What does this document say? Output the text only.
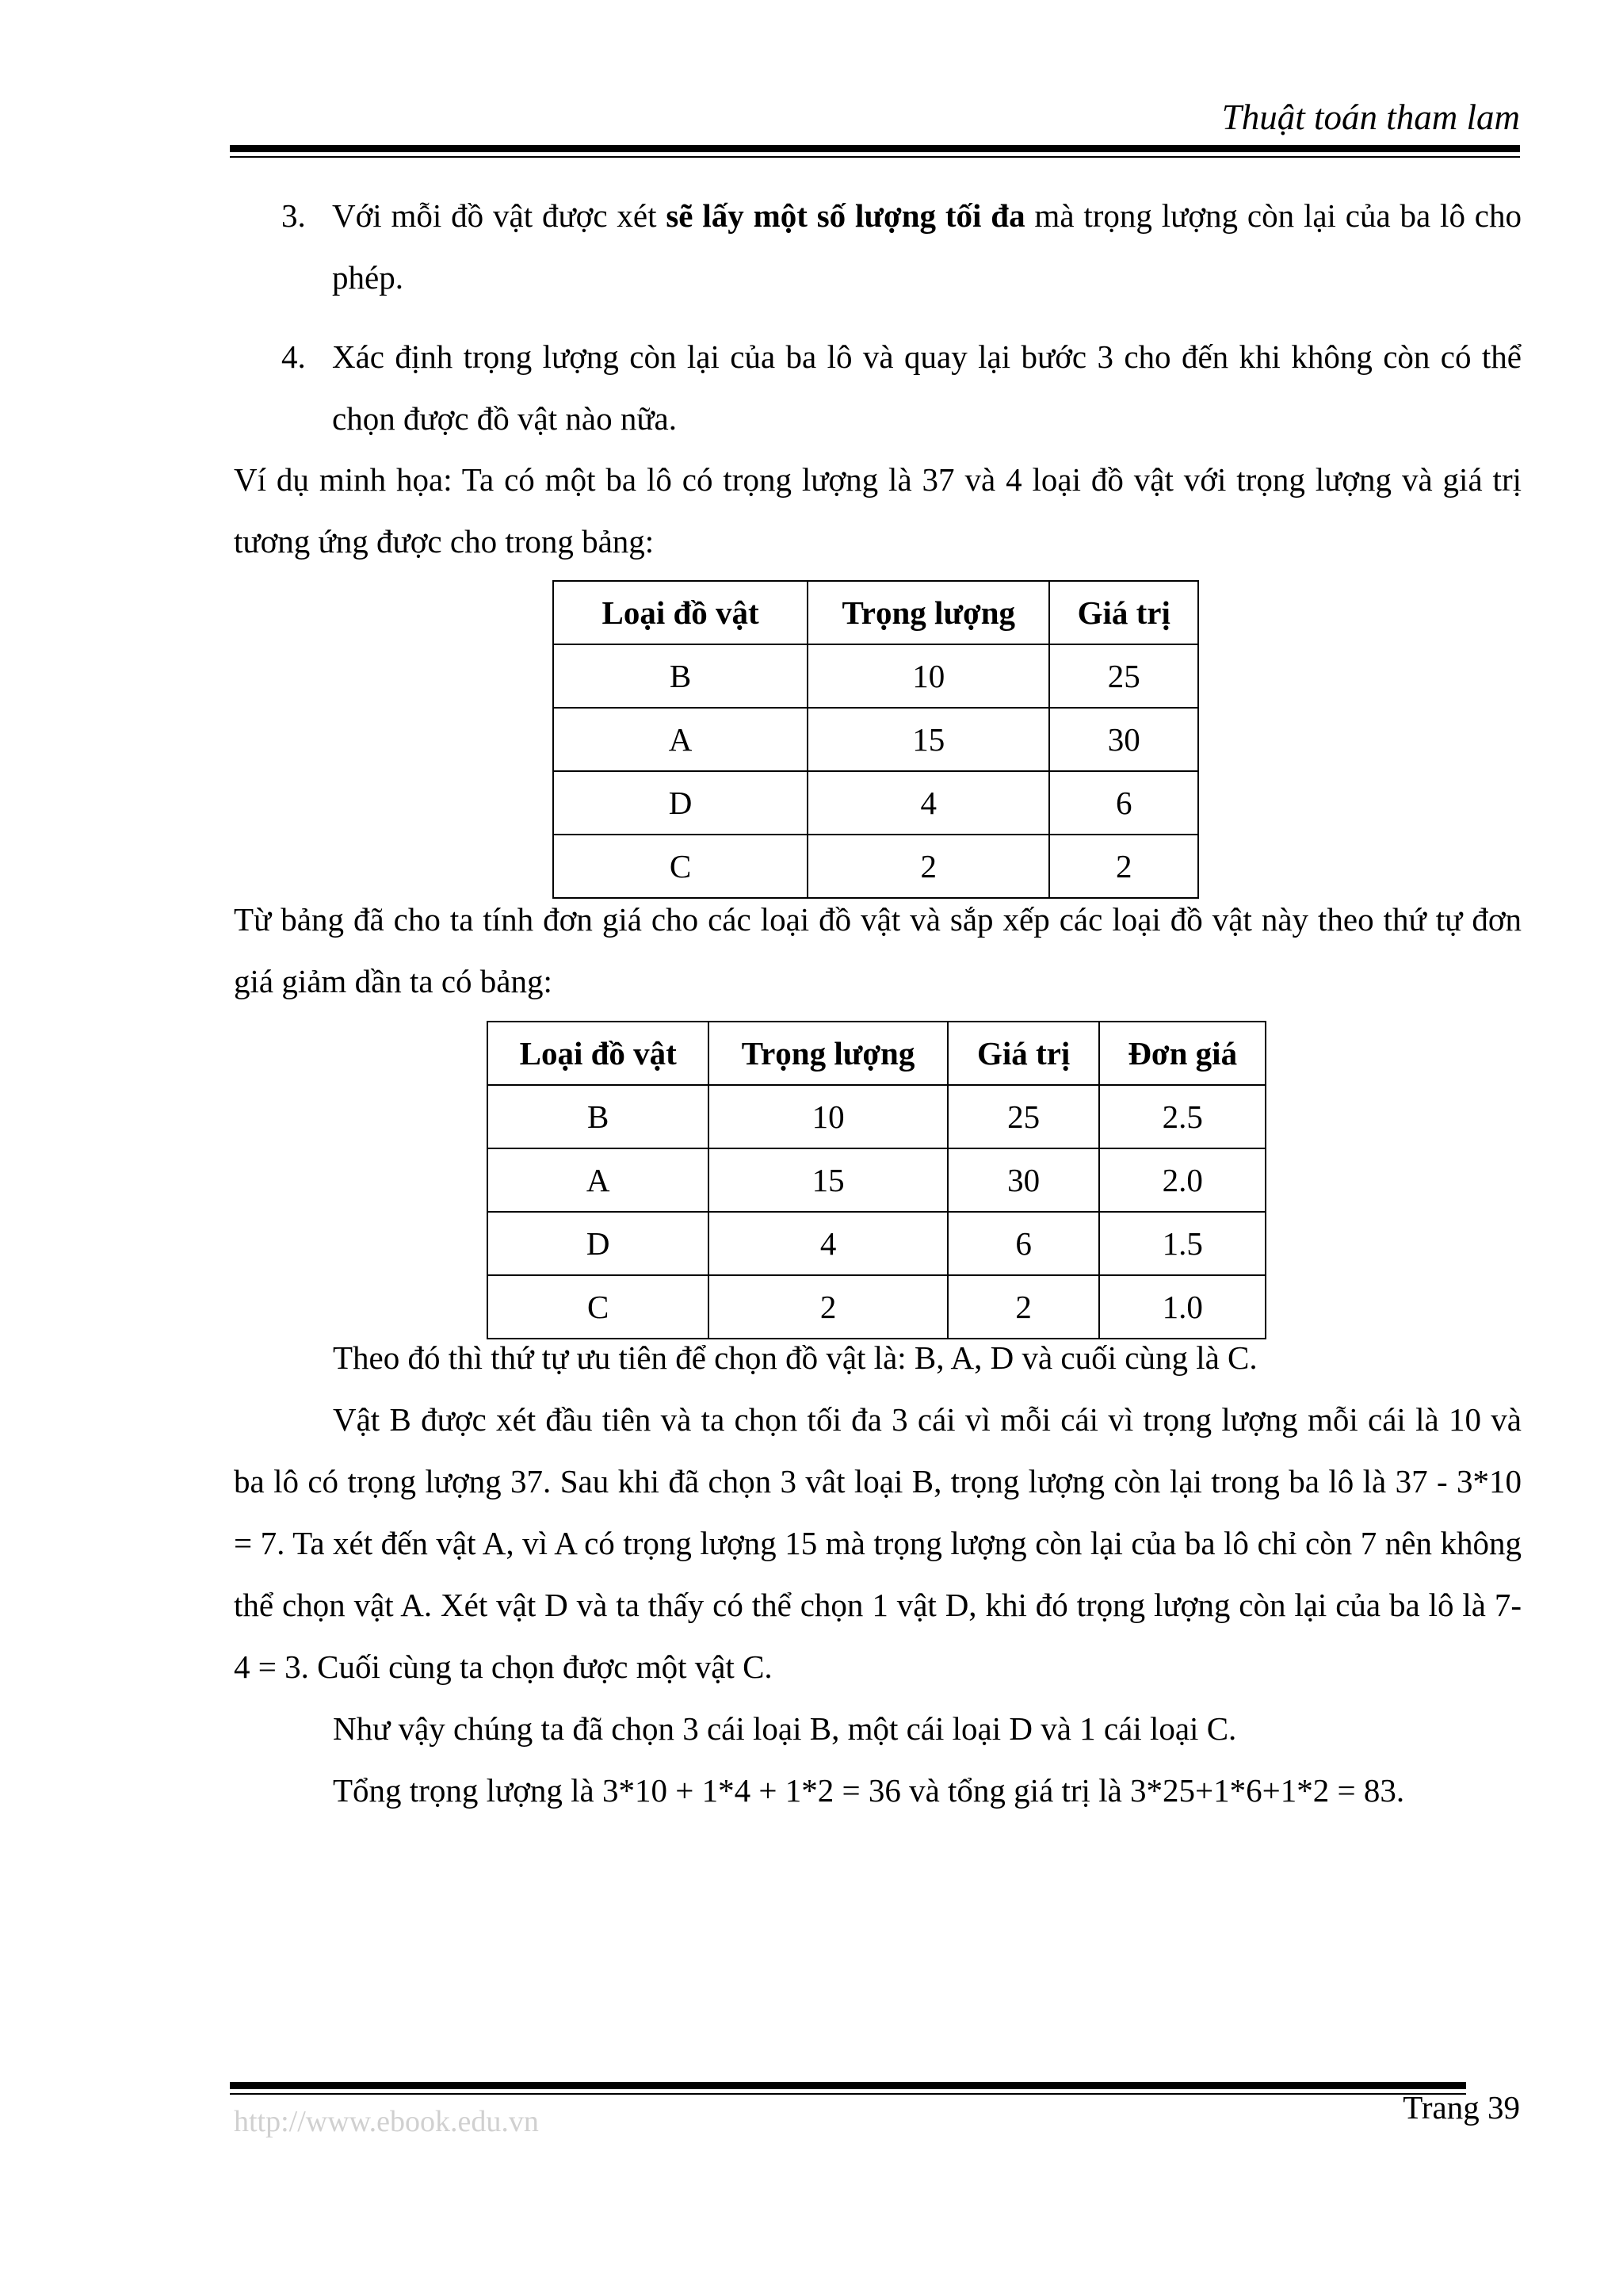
Thuật toán tham lam
3. Với mỗi đồ vật được xét sẽ lấy một số lượng tối đa mà trọng lượng còn lại của ba lô cho phép.
4. Xác định trọng lượng còn lại của ba lô và quay lại bước 3 cho đến khi không còn có thể chọn được đồ vật nào nữa.
Ví dụ minh họa: Ta có một ba lô có trọng lượng là 37 và 4 loại đồ vật với trọng lượng và giá trị tương ứng được cho trong bảng:
Loại đồ vật	Trọng lượng	Giá trị
B	10	25
A	15	30
D	4	6
C	2	2
Từ bảng đã cho ta tính đơn giá cho các loại đồ vật và sắp xếp các loại đồ vật này theo thứ tự đơn giá giảm dần ta có bảng:
Loại đồ vật	Trọng lượng	Giá trị	Đơn giá
B	10	25	2.5
A	15	30	2.0
D	4	6	1.5
C	2	2	1.0
Theo đó thì thứ tự ưu tiên để chọn đồ vật là: B, A, D và cuối cùng là C.
Vật B được xét đầu tiên và ta chọn tối đa 3 cái vì mỗi cái vì trọng lượng mỗi cái là 10 và ba lô có trọng lượng 37. Sau khi đã chọn 3 vât loại B, trọng lượng còn lại trong ba lô là 37 - 3*10 = 7. Ta xét đến vật A, vì A có trọng lượng 15 mà trọng lượng còn lại của ba lô chỉ còn 7 nên không thể chọn vật A. Xét vật D và ta thấy có thể chọn 1 vật D, khi đó trọng lượng còn lại của ba lô là 7-4 = 3. Cuối cùng ta chọn được một vật C.
Như vậy chúng ta đã chọn 3 cái loại B, một cái loại D và 1 cái loại C.
Tổng trọng lượng là 3*10 + 1*4 + 1*2 = 36 và tổng giá trị là 3*25+1*6+1*2 = 83.
http://www.ebook.edu.vn	Trang 39
